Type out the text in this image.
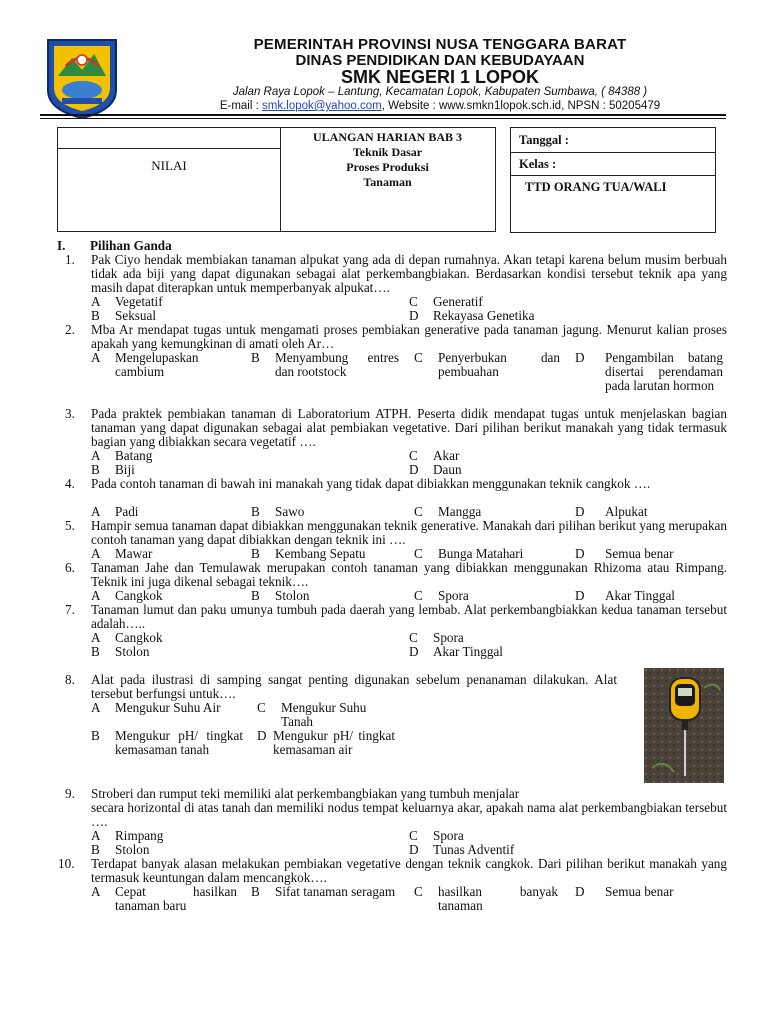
PEMERINTAH PROVINSI NUSA TENGGARA BARAT
DINAS PENDIDIKAN DAN KEBUDAYAAN
SMK NEGERI 1 LOPOK
Jalan Raya Lopok – Lantung, Kecamatan Lopok, Kabupaten Sumbawa, ( 84388 )
E-mail : smk.lopok@yahoo.com, Website : www.smkn1lopok.sch.id, NPSN : 50205479
NILAI
ULANGAN HARIAN BAB 3
Teknik Dasar
Proses Produksi
Tanaman
Tanggal :
Kelas :
TTD ORANG TUA/WALI
I. Pilihan Ganda
1. Pak Ciyo hendak membiakan tanaman alpukat yang ada di depan rumahnya. Akan tetapi karena belum musim berbuah tidak ada biji yang dapat digunakan sebagai alat perkembangbiakan. Berdasarkan kondisi tersebut teknik apa yang masih dapat diterapkan untuk memperbanyak alpukat….
A Vegetatif	C Generatif
B Seksual	D Rekayasa Genetika
2. Mba Ar mendapat tugas untuk mengamati proses pembiakan generative pada tanaman jagung. Menurut kalian proses apakah yang kemungkinan di amati oleh Ar…
A Mengelupaskan cambium
B Menyambung entres dan rootstock
C Penyerbukan dan pembuahan
D Pengambilan batang disertai perendaman pada larutan hormon
3. Pada praktek pembiakan tanaman di Laboratorium ATPH. Peserta didik mendapat tugas untuk menjelaskan bagian tanaman yang dapat digunakan sebagai alat pembiakan vegetative. Dari pilihan berikut manakah yang tidak termasuk bagian yang dibiakkan secara vegetatif ….
A Batang	C Akar
B Biji	D Daun
4. Pada contoh tanaman di bawah ini manakah yang tidak dapat dibiakkan menggunakan teknik cangkok ….
A Padi	B Sawo	C Mangga	D Alpukat
5. Hampir semua tanaman dapat dibiakkan menggunakan teknik generative. Manakah dari pilihan berikut yang merupakan contoh tanaman yang dapat dibiakkan dengan teknik ini ….
A Mawar	B Kembang Sepatu	C Bunga Matahari	D Semua benar
6. Tanaman Jahe dan Temulawak merupakan contoh tanaman yang dibiakkan menggunakan Rhizoma atau Rimpang. Teknik ini juga dikenal sebagai teknik….
A Cangkok	B Stolon	C Spora	D Akar Tinggal
7. Tanaman lumut dan paku umunya tumbuh pada daerah yang lembab. Alat perkembangbiakkan kedua tanaman tersebut adalah…..
A Cangkok	C Spora
B Stolon	D Akar Tinggal
8. Alat pada ilustrasi di samping sangat penting digunakan sebelum penanaman dilakukan. Alat tersebut berfungsi untuk….
A Mengukur Suhu Air	C Mengukur Suhu Tanah
B Mengukur pH/ tingkat kemasaman tanah
D Mengukur pH/ tingkat kemasaman air
9. Stroberi dan rumput teki memiliki alat perkembangbiakan yang tumbuh menjalar
secara horizontal di atas tanah dan memiliki nodus tempat keluarnya akar, apakah nama alat perkembangbiakan tersebut ….
A Rimpang	C Spora
B Stolon	D Tunas Adventif
10. Terdapat banyak alasan melakukan pembiakan vegetative dengan teknik cangkok. Dari pilihan berikut manakah yang termasuk keuntungan dalam mencangkok….
A Cepat hasilkan tanaman baru
B Sifat tanaman seragam C hasilkan banyak tanaman
D Semua benar
